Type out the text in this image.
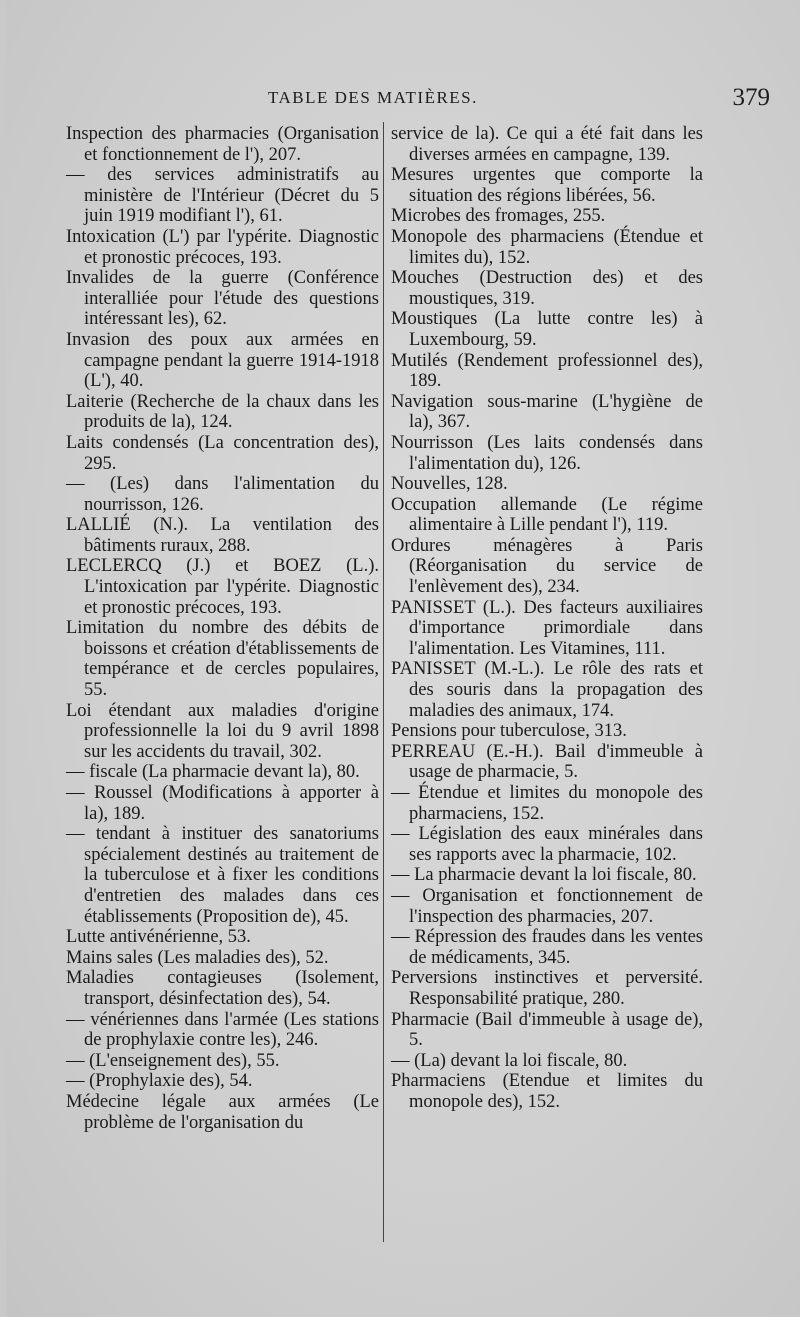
TABLE DES MATIÈRES.	379
Inspection des pharmacies (Organisation et fonctionnement de l'), 207.
— des services administratifs au ministère de l'Intérieur (Décret du 5 juin 1919 modifiant l'), 61.
Intoxication (L') par l'ypérite. Diagnostic et pronostic précoces, 193.
Invalides de la guerre (Conférence interalliée pour l'étude des questions intéressant les), 62.
Invasion des poux aux armées en campagne pendant la guerre 1914-1918 (L'), 40.
Laiterie (Recherche de la chaux dans les produits de la), 124.
Laits condensés (La concentration des), 295.
— (Les) dans l'alimentation du nourrisson, 126.
LALLIÉ (N.). La ventilation des bâtiments ruraux, 288.
LECLERCQ (J.) et BOEZ (L.). L'intoxication par l'ypérite. Diagnostic et pronostic précoces, 193.
Limitation du nombre des débits de boissons et création d'établissements de tempérance et de cercles populaires, 55.
Loi étendant aux maladies d'origine professionnelle la loi du 9 avril 1898 sur les accidents du travail, 302.
— fiscale (La pharmacie devant la), 80.
— Roussel (Modifications à apporter à la), 189.
— tendant à instituer des sanatoriums spécialement destinés au traitement de la tuberculose et à fixer les conditions d'entretien des malades dans ces établissements (Proposition de), 45.
Lutte antivénérienne, 53.
Mains sales (Les maladies des), 52.
Maladies contagieuses (Isolement, transport, désinfectation des), 54.
— vénériennes dans l'armée (Les stations de prophylaxie contre les), 246.
— (L'enseignement des), 55.
— (Prophylaxie des), 54.
Médecine légale aux armées (Le problème de l'organisation du
service de la). Ce qui a été fait dans les diverses armées en campagne, 139.
Mesures urgentes que comporte la situation des régions libérées, 56.
Microbes des fromages, 255.
Monopole des pharmaciens (Étendue et limites du), 152.
Mouches (Destruction des) et des moustiques, 319.
Moustiques (La lutte contre les) à Luxembourg, 59.
Mutilés (Rendement professionnel des), 189.
Navigation sous-marine (L'hygiène de la), 367.
Nourrisson (Les laits condensés dans l'alimentation du), 126.
Nouvelles, 128.
Occupation allemande (Le régime alimentaire à Lille pendant l'), 119.
Ordures ménagères à Paris (Réorganisation du service de l'enlèvement des), 234.
PANISSET (L.). Des facteurs auxiliaires d'importance primordiale dans l'alimentation. Les Vitamines, 111.
PANISSET (M.-L.). Le rôle des rats et des souris dans la propagation des maladies des animaux, 174.
Pensions pour tuberculose, 313.
PERREAU (E.-H.). Bail d'immeuble à usage de pharmacie, 5.
— Étendue et limites du monopole des pharmaciens, 152.
— Législation des eaux minérales dans ses rapports avec la pharmacie, 102.
— La pharmacie devant la loi fiscale, 80.
— Organisation et fonctionnement de l'inspection des pharmacies, 207.
— Répression des fraudes dans les ventes de médicaments, 345.
Perversions instinctives et perversité. Responsabilité pratique, 280.
Pharmacie (Bail d'immeuble à usage de), 5.
— (La) devant la loi fiscale, 80.
Pharmaciens (Etendue et limites du monopole des), 152.
